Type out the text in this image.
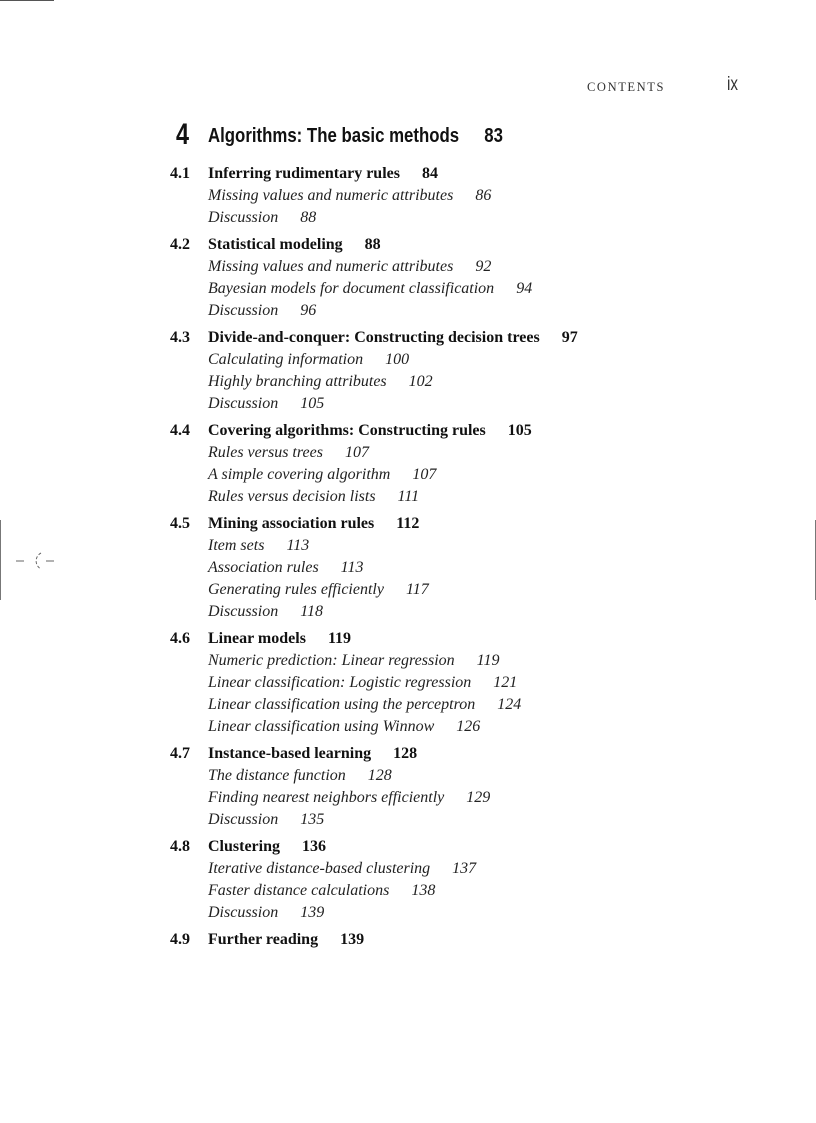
CONTENTS	ix
4 Algorithms: The basic methods 83
4.1 Inferring rudimentary rules 84
Missing values and numeric attributes 86
Discussion 88
4.2 Statistical modeling 88
Missing values and numeric attributes 92
Bayesian models for document classification 94
Discussion 96
4.3 Divide-and-conquer: Constructing decision trees 97
Calculating information 100
Highly branching attributes 102
Discussion 105
4.4 Covering algorithms: Constructing rules 105
Rules versus trees 107
A simple covering algorithm 107
Rules versus decision lists 111
4.5 Mining association rules 112
Item sets 113
Association rules 113
Generating rules efficiently 117
Discussion 118
4.6 Linear models 119
Numeric prediction: Linear regression 119
Linear classification: Logistic regression 121
Linear classification using the perceptron 124
Linear classification using Winnow 126
4.7 Instance-based learning 128
The distance function 128
Finding nearest neighbors efficiently 129
Discussion 135
4.8 Clustering 136
Iterative distance-based clustering 137
Faster distance calculations 138
Discussion 139
4.9 Further reading 139
